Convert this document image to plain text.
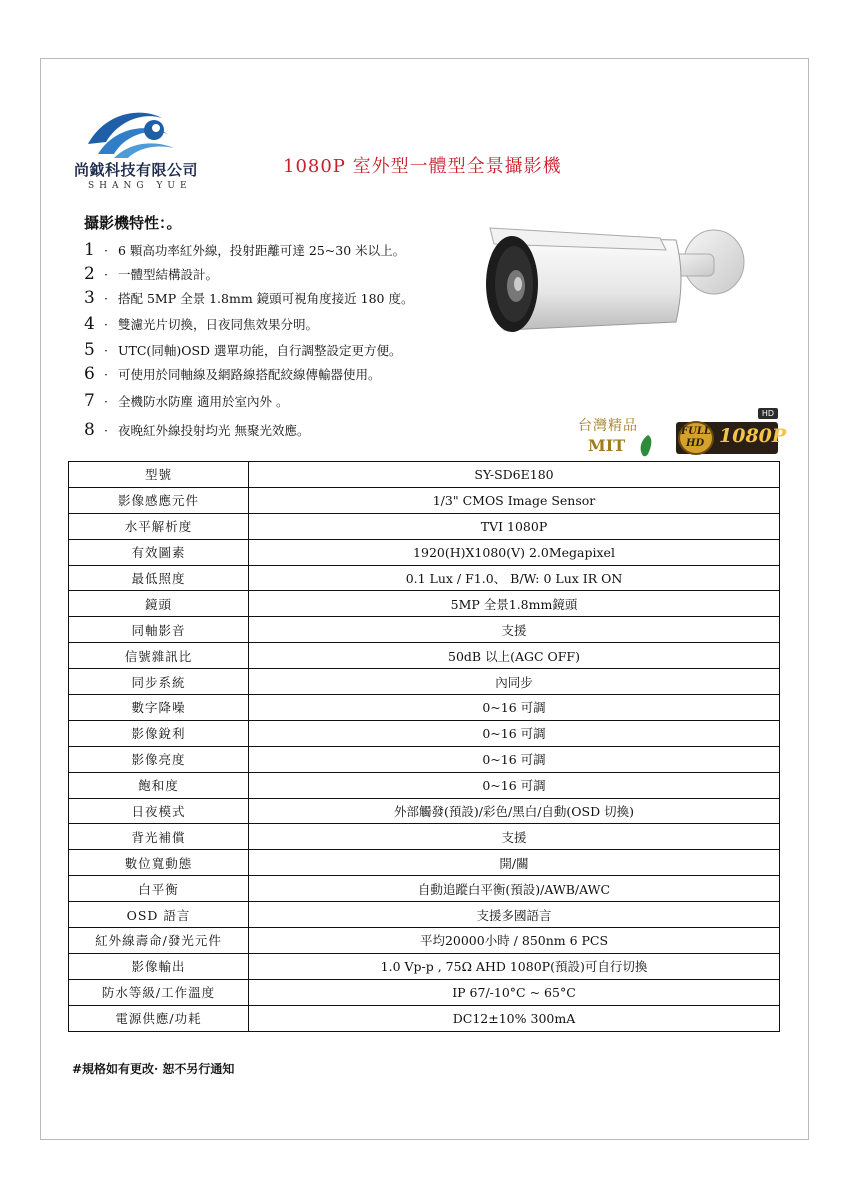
尚鉞科技有限公司
SHANG YUE
1080P 室外型一體型全景攝影機
攝影機特性：。
1 · 6 顆高功率紅外線，投射距離可達 25~30 米以上。
2 · 一體型結構設計。
3 · 搭配 5MP 全景 1.8mm 鏡頭可視角度接近 180 度。
4 · 雙濾光片切換，日夜同焦效果分明。
5 · UTC(同軸)OSD 選單功能，自行調整設定更方便。
6 · 可使用於同軸線及網路線搭配絞線傳輸器使用。
7 · 全機防水防塵 適用於室內外 。
8 · 夜晚紅外線投射均光 無聚光效應。	台灣精品
MIT
HD
FULL
HD 1080P
型號	SY-SD6E180
影像感應元件	1/3" CMOS Image Sensor
水平解析度	TVI 1080P
有效圖素	1920(H)X1080(V) 2.0Megapixel
最低照度	0.1 Lux / F1.0、 B/W: 0 Lux IR ON
鏡頭	5MP 全景1.8mm鏡頭
同軸影音	支援
信號雜訊比	50dB 以上(AGC OFF)
同步系統	內同步
數字降噪	0~16 可調
影像銳利	0~16 可調
影像亮度	0~16 可調
飽和度	0~16 可調
日夜模式	外部觸發(預設)/彩色/黑白/自動(OSD 切換)
背光補償	支援
數位寬動態	開/關
白平衡	自動追蹤白平衡(預設)/AWB/AWC
OSD 語言	支援多國語言
紅外線壽命/發光元件	平均20000小時 / 850nm 6 PCS
影像輸出	1.0 Vp-p , 75Ω AHD 1080P(預設)可自行切換
防水等級/工作溫度	IP 67/-10°C ~ 65°C
電源供應/功耗	DC12±10% 300mA
#規格如有更改· 恕不另行通知
